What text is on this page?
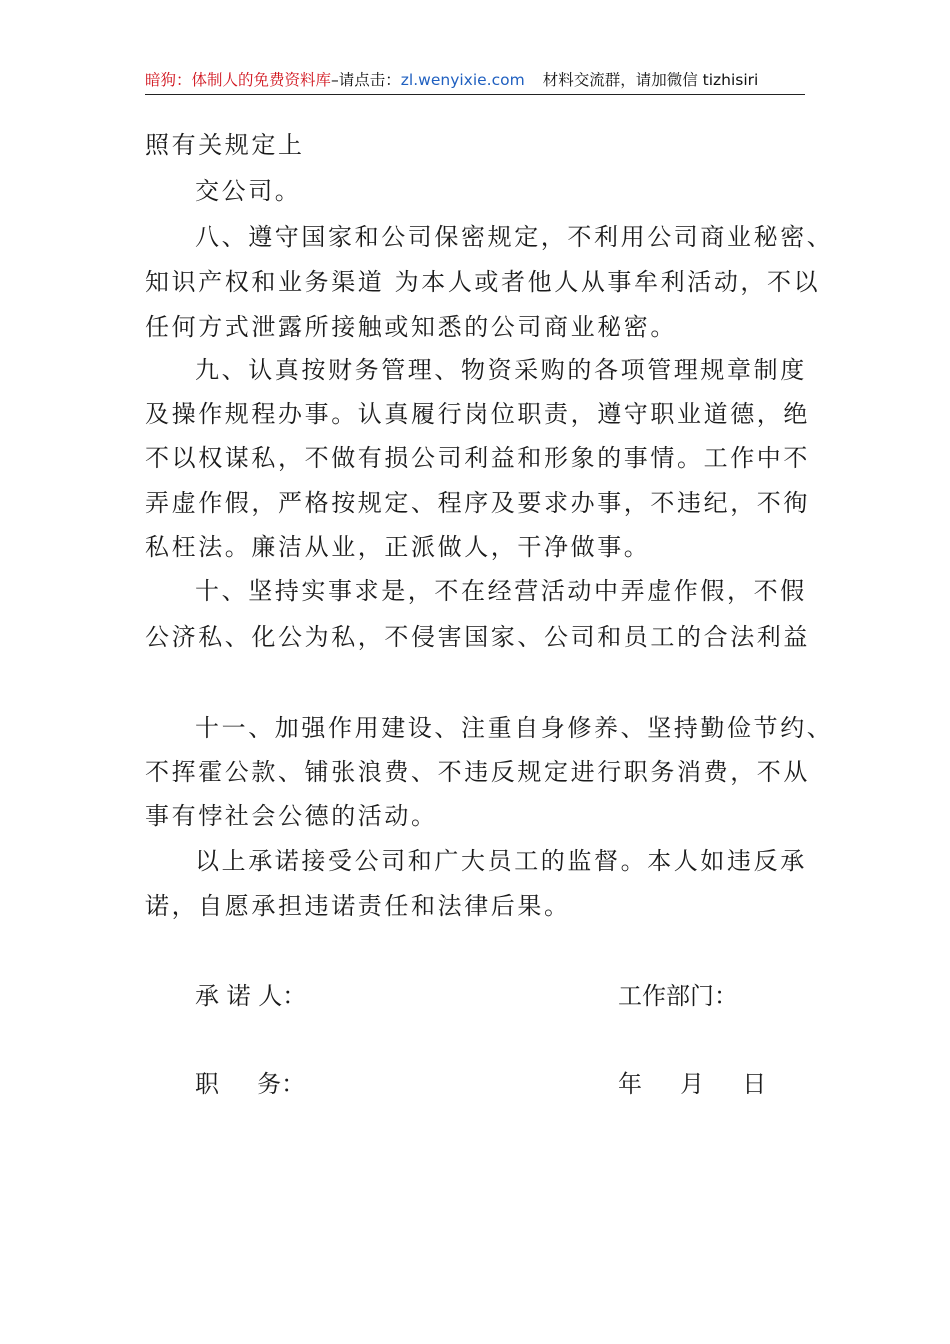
暗狗：体制人的免费资料库–请点击：zl.wenyixie.com 材料交流群，请加微信 tizhisiri
照有关规定上
交公司。
八、遵守国家和公司保密规定，不利用公司商业秘密、
知识产权和业务渠道 为本人或者他人从事牟利活动，不以
任何方式泄露所接触或知悉的公司商业秘密。
九、认真按财务管理、物资采购的各项管理规章制度
及操作规程办事。认真履行岗位职责，遵守职业道德，绝
不以权谋私，不做有损公司利益和形象的事情。工作中不
弄虚作假，严格按规定、程序及要求办事，不违纪，不徇
私枉法。廉洁从业，正派做人，干净做事。
十、坚持实事求是，不在经营活动中弄虚作假，不假
公济私、化公为私，不侵害国家、公司和员工的合法利益
十一、加强作用建设、注重自身修养、坚持勤俭节约、
不挥霍公款、铺张浪费、不违反规定进行职务消费，不从
事有悖社会公德的活动。
以上承诺接受公司和广大员工的监督。本人如违反承
诺，自愿承担违诺责任和法律后果。
承 诺 人：	工作部门：
职     务：	年     月     日
